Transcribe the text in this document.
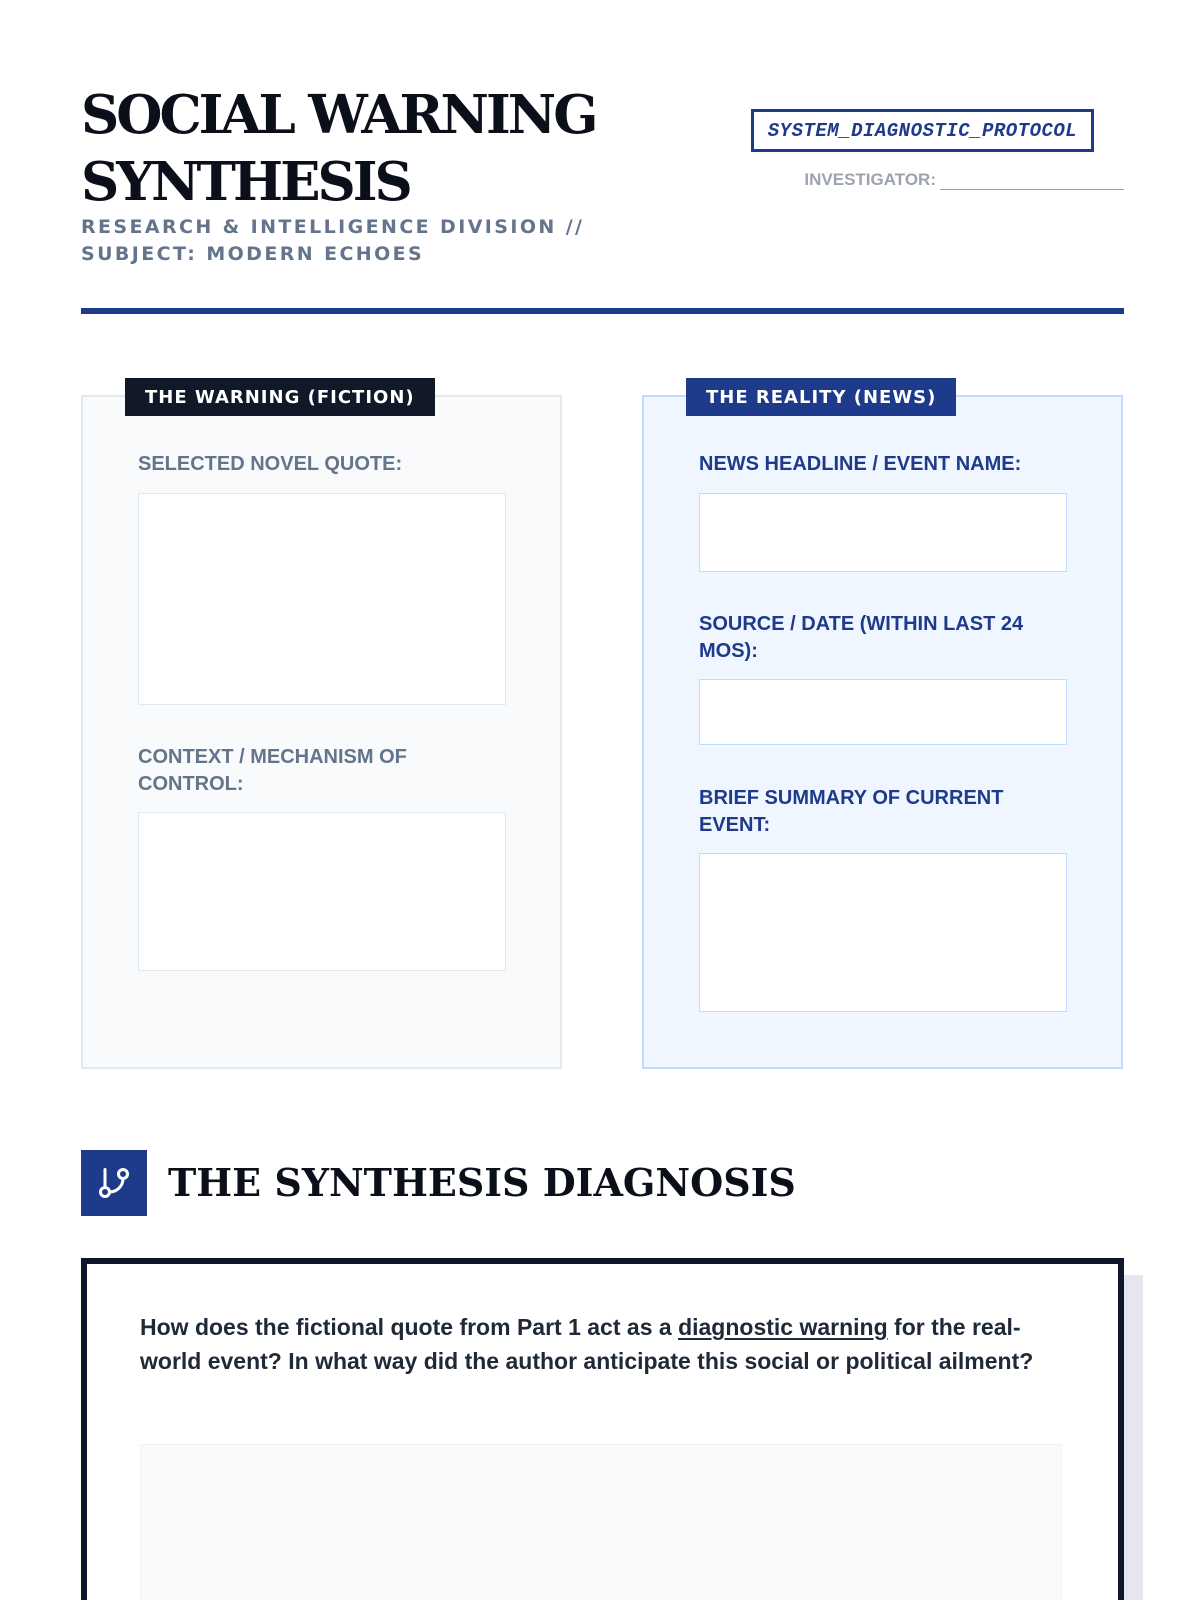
SOCIAL WARNING SYNTHESIS

RESEARCH & INTELLIGENCE DIVISION // SUBJECT: MODERN ECHOES

SYSTEM_DIAGNOSTIC_PROTOCOL
INVESTIGATOR:
THE WARNING (FICTION)

SELECTED NOVEL QUOTE:

CONTEXT / MECHANISM OF CONTROL:

THE REALITY (NEWS)

NEWS HEADLINE / EVENT NAME:

SOURCE / DATE (WITHIN LAST 24 MOS):

BRIEF SUMMARY OF CURRENT EVENT:

THE SYNTHESIS DIAGNOSIS

How does the fictional quote from Part 1 act as a diagnostic warning for the real-world event? In what way did the author anticipate this social or political ailment?
